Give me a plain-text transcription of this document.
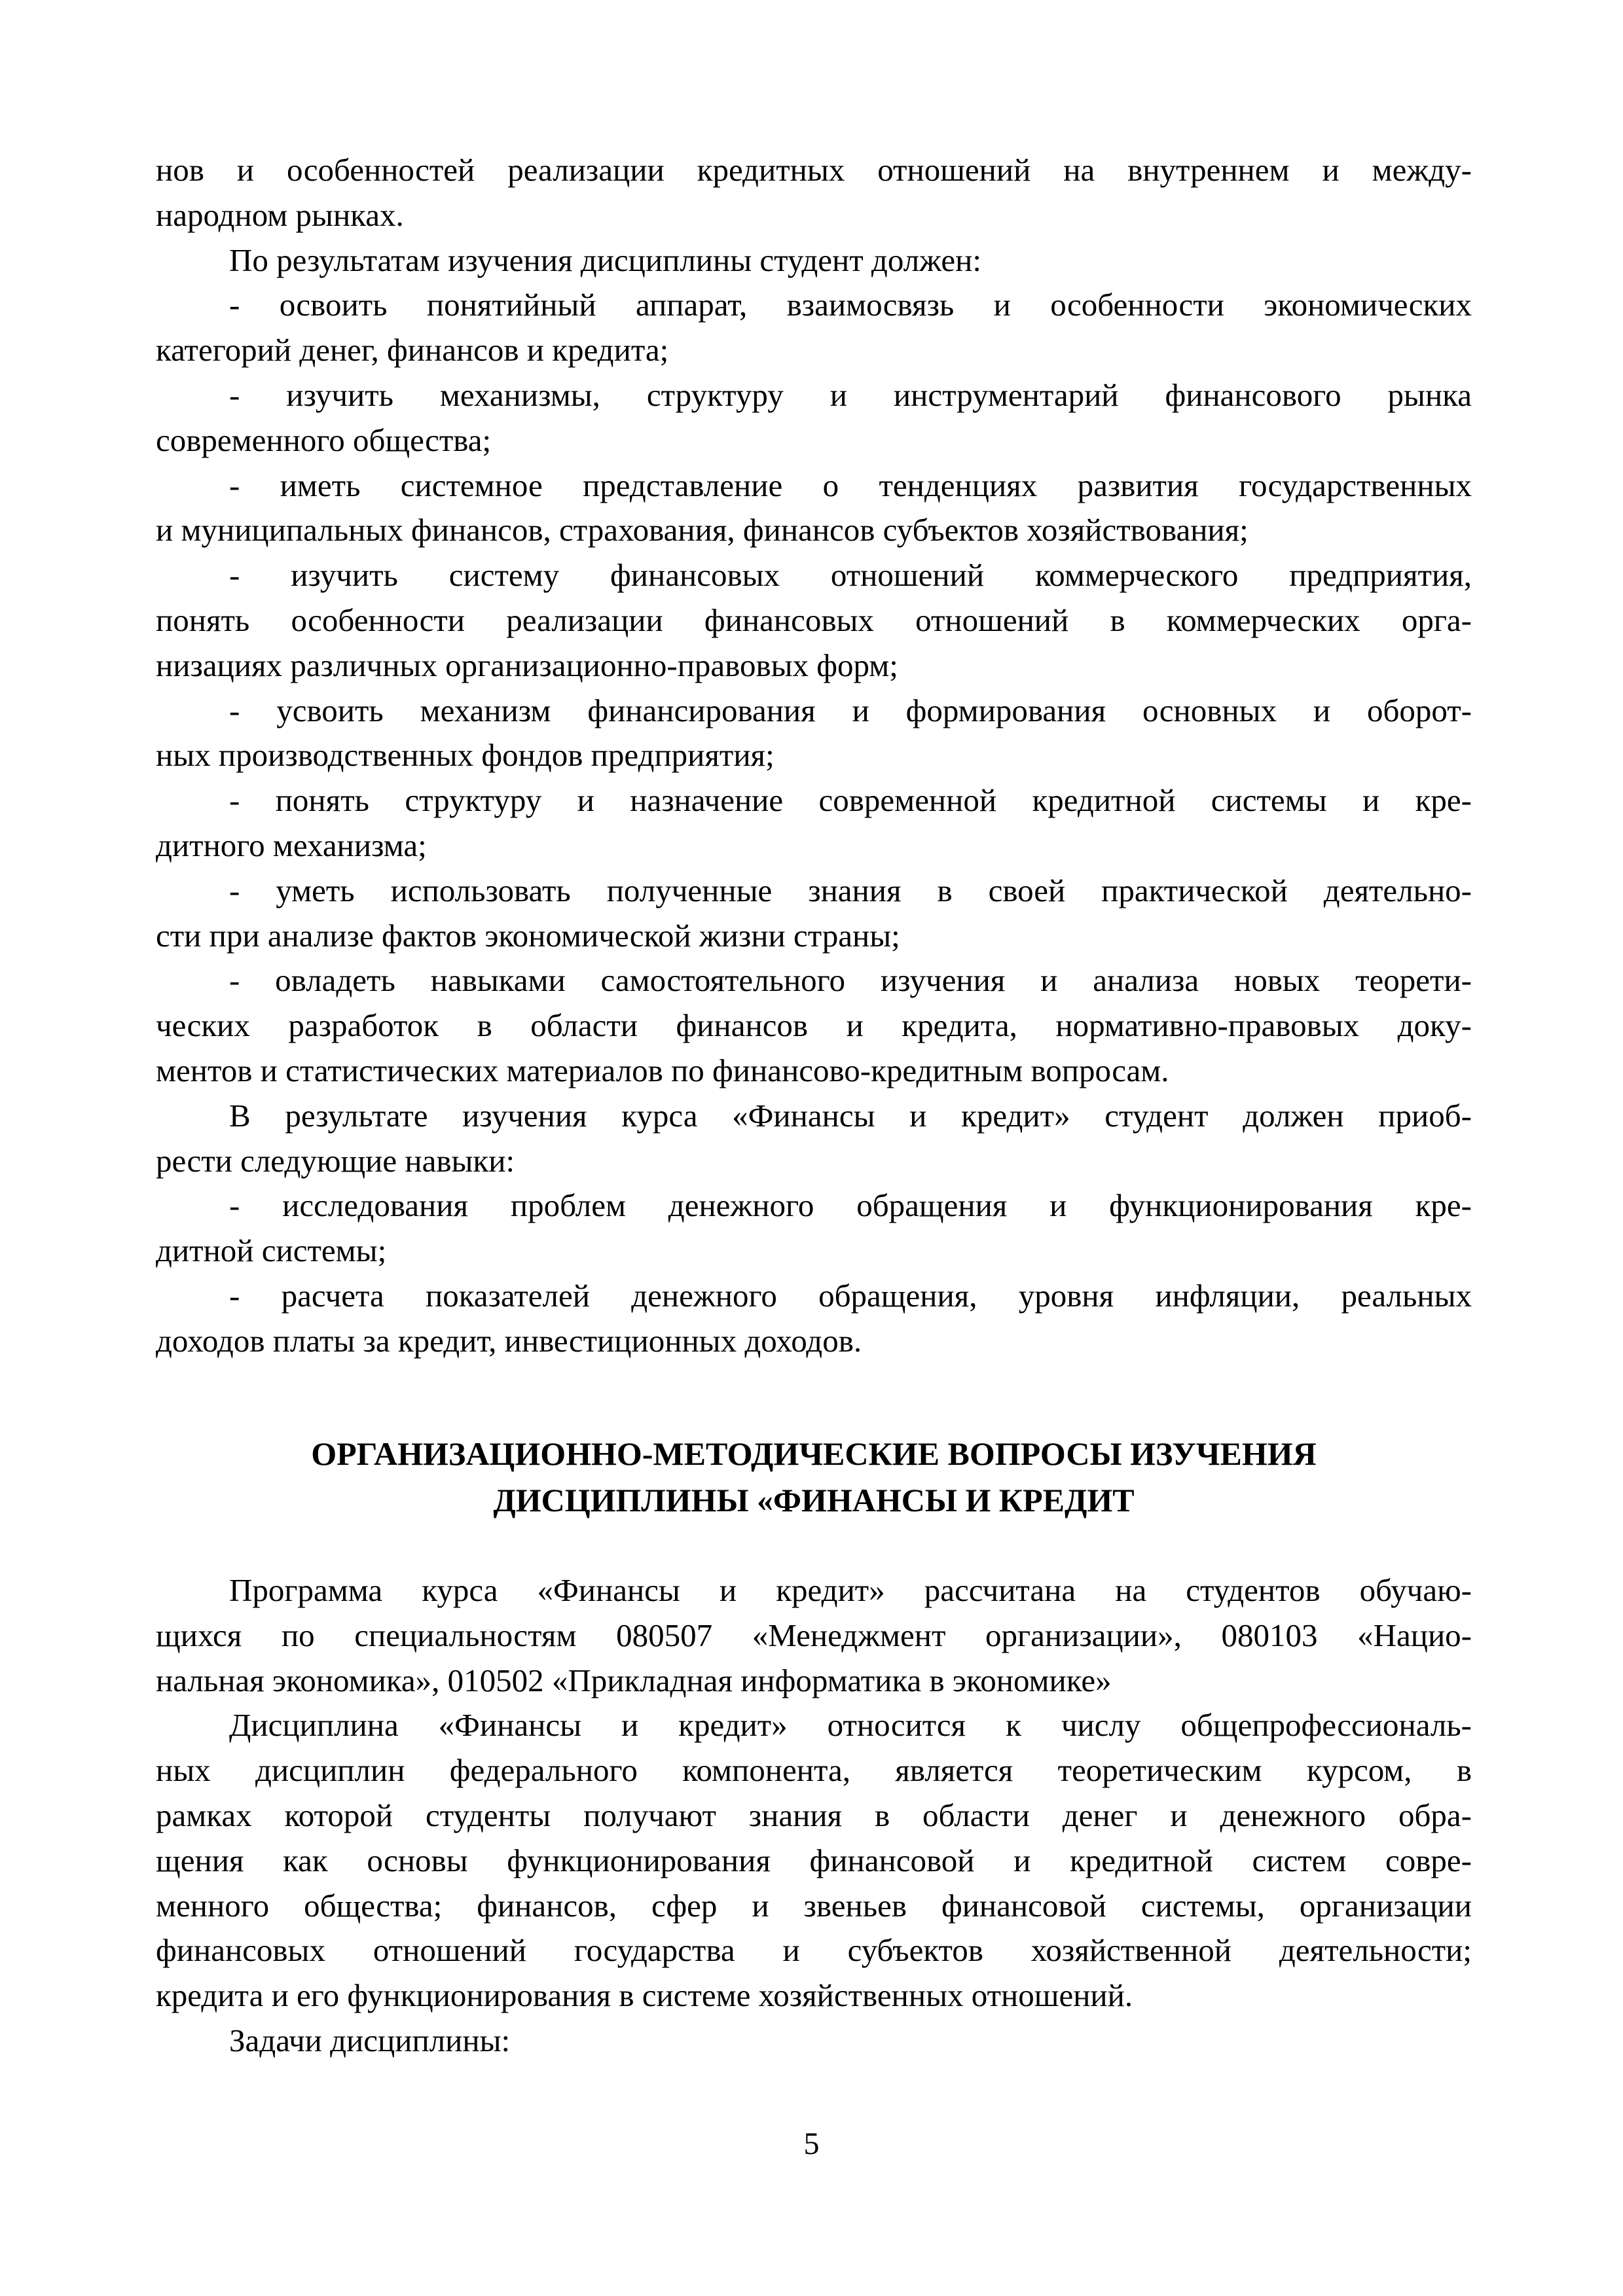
нов и особенностей реализации кредитных отношений на внутреннем и между-
народном рынках.
По результатам изучения дисциплины студент должен:
- освоить понятийный аппарат, взаимосвязь и особенности экономических
категорий денег, финансов и кредита;
- изучить механизмы, структуру и инструментарий финансового рынка
современного общества;
- иметь системное представление о тенденциях развития государственных
и муниципальных финансов, страхования, финансов субъектов хозяйствования;
- изучить систему финансовых отношений коммерческого предприятия,
понять особенности реализации финансовых отношений в коммерческих орга-
низациях различных организационно-правовых форм;
- усвоить механизм финансирования и формирования основных и оборот-
ных производственных фондов предприятия;
- понять структуру и назначение современной кредитной системы и кре-
дитного механизма;
- уметь использовать полученные знания в своей практической деятельно-
сти при анализе фактов экономической жизни страны;
- овладеть навыками самостоятельного изучения и анализа новых теорети-
ческих разработок в области финансов и кредита, нормативно-правовых доку-
ментов и статистических материалов по финансово-кредитным вопросам.
В результате изучения курса «Финансы и кредит» студент должен приоб-
рести следующие навыки:
- исследования проблем денежного обращения и функционирования кре-
дитной системы;
- расчета показателей денежного обращения, уровня инфляции, реальных
доходов платы за кредит, инвестиционных доходов.
ОРГАНИЗАЦИОННО-МЕТОДИЧЕСКИЕ ВОПРОСЫ ИЗУЧЕНИЯ
ДИСЦИПЛИНЫ «ФИНАНСЫ И КРЕДИТ
Программа курса «Финансы и кредит» рассчитана на студентов обучаю-
щихся по специальностям 080507 «Менеджмент организации», 080103 «Нацио-
нальная экономика», 010502 «Прикладная информатика в экономике»
Дисциплина «Финансы и кредит» относится к числу общепрофессиональ-
ных дисциплин федерального компонента, является теоретическим курсом, в
рамках которой студенты получают знания в области денег и денежного обра-
щения как основы функционирования финансовой и кредитной систем совре-
менного общества; финансов, сфер и звеньев финансовой системы, организации
финансовых отношений государства и субъектов хозяйственной деятельности;
кредита и его функционирования в системе хозяйственных отношений.
Задачи дисциплины:
5
